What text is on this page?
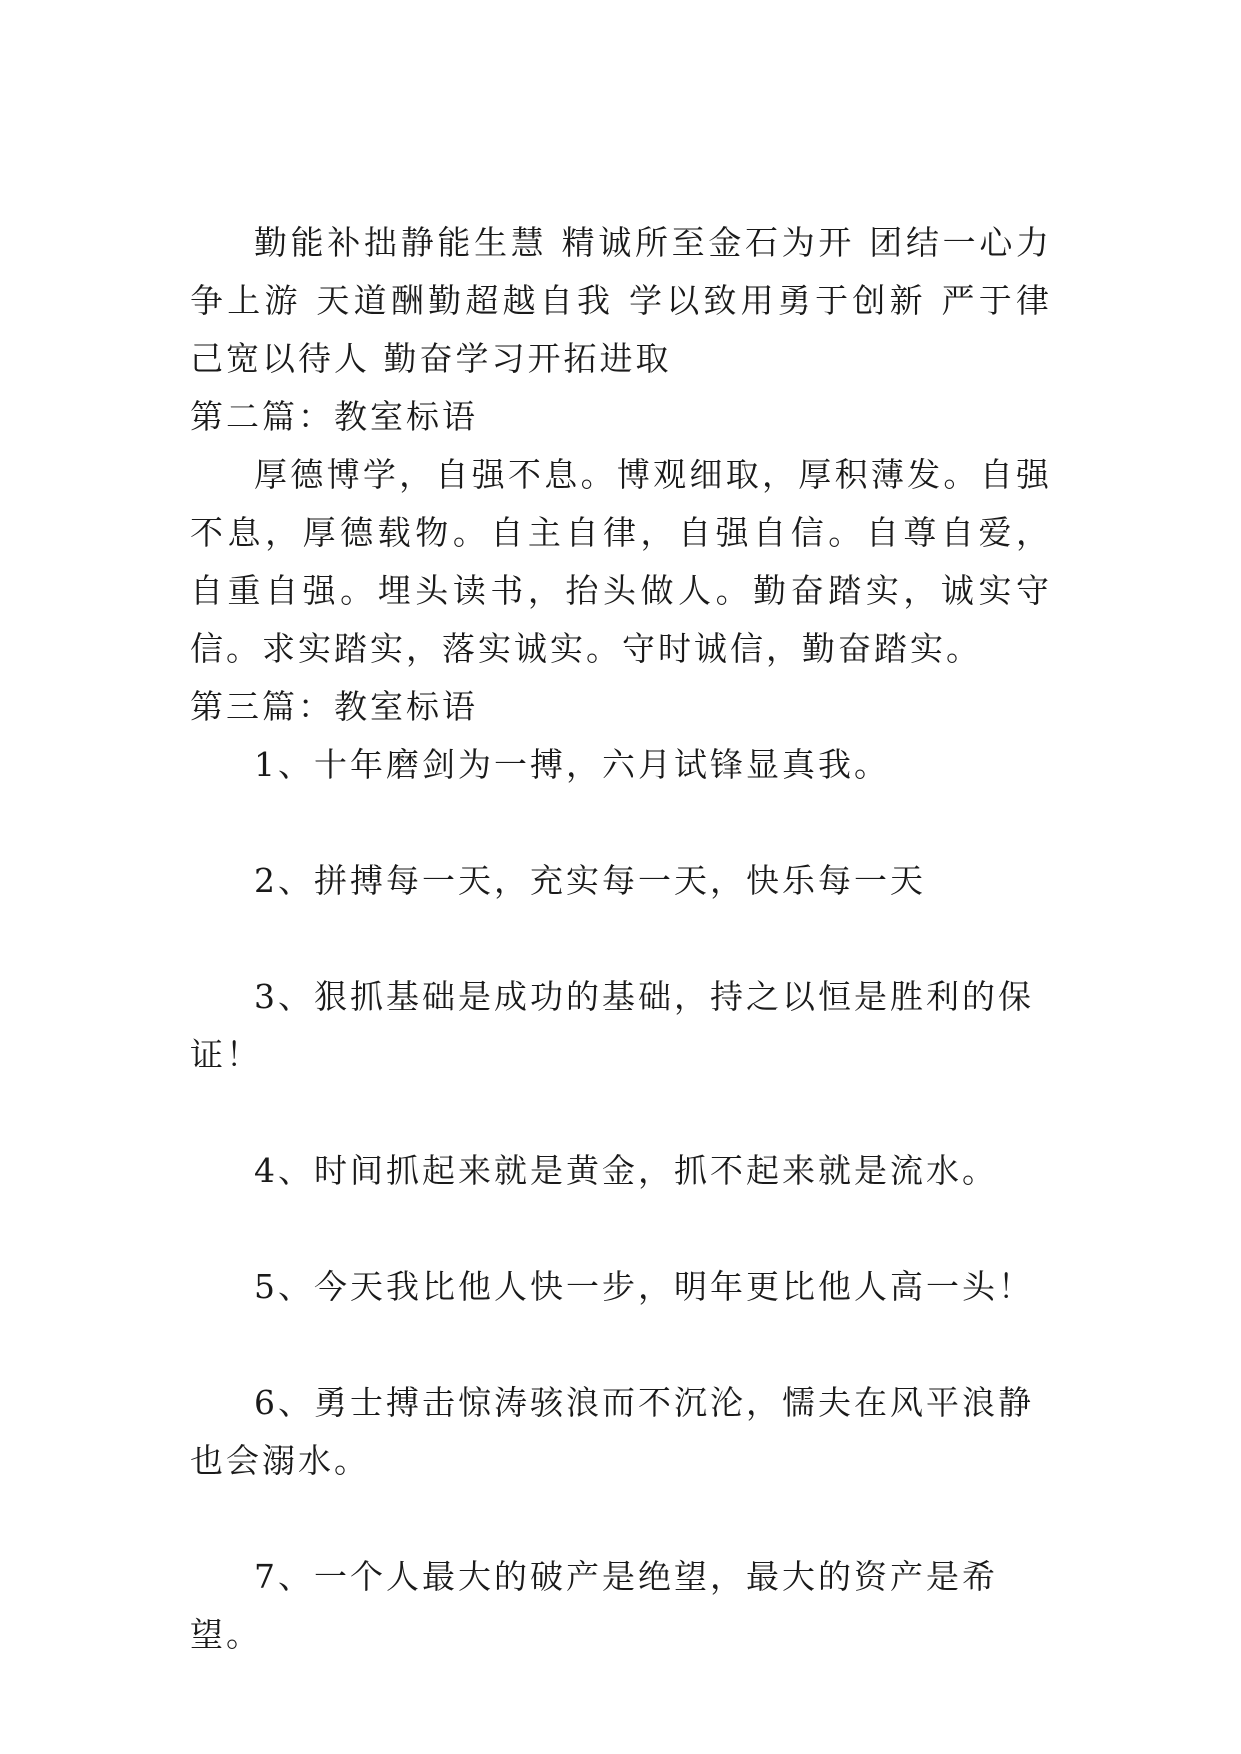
勤能补拙静能生慧 精诚所至金石为开 团结一心力争上游 天道酬勤超越自我 学以致用勇于创新 严于律己宽以待人 勤奋学习开拓进取

第二篇：教室标语

厚德博学，自强不息。博观细取，厚积薄发。自强不息，厚德载物。自主自律，自强自信。自尊自爱，自重自强。埋头读书，抬头做人。勤奋踏实，诚实守信。求实踏实，落实诚实。守时诚信，勤奋踏实。

第三篇：教室标语

1、十年磨剑为一搏，六月试锋显真我。

2、拼搏每一天，充实每一天，快乐每一天

3、狠抓基础是成功的基础，持之以恒是胜利的保证！

4、时间抓起来就是黄金，抓不起来就是流水。

5、今天我比他人快一步，明年更比他人高一头！

6、勇士搏击惊涛骇浪而不沉沦，懦夫在风平浪静也会溺水。

7、一个人最大的破产是绝望，最大的资产是希望。
